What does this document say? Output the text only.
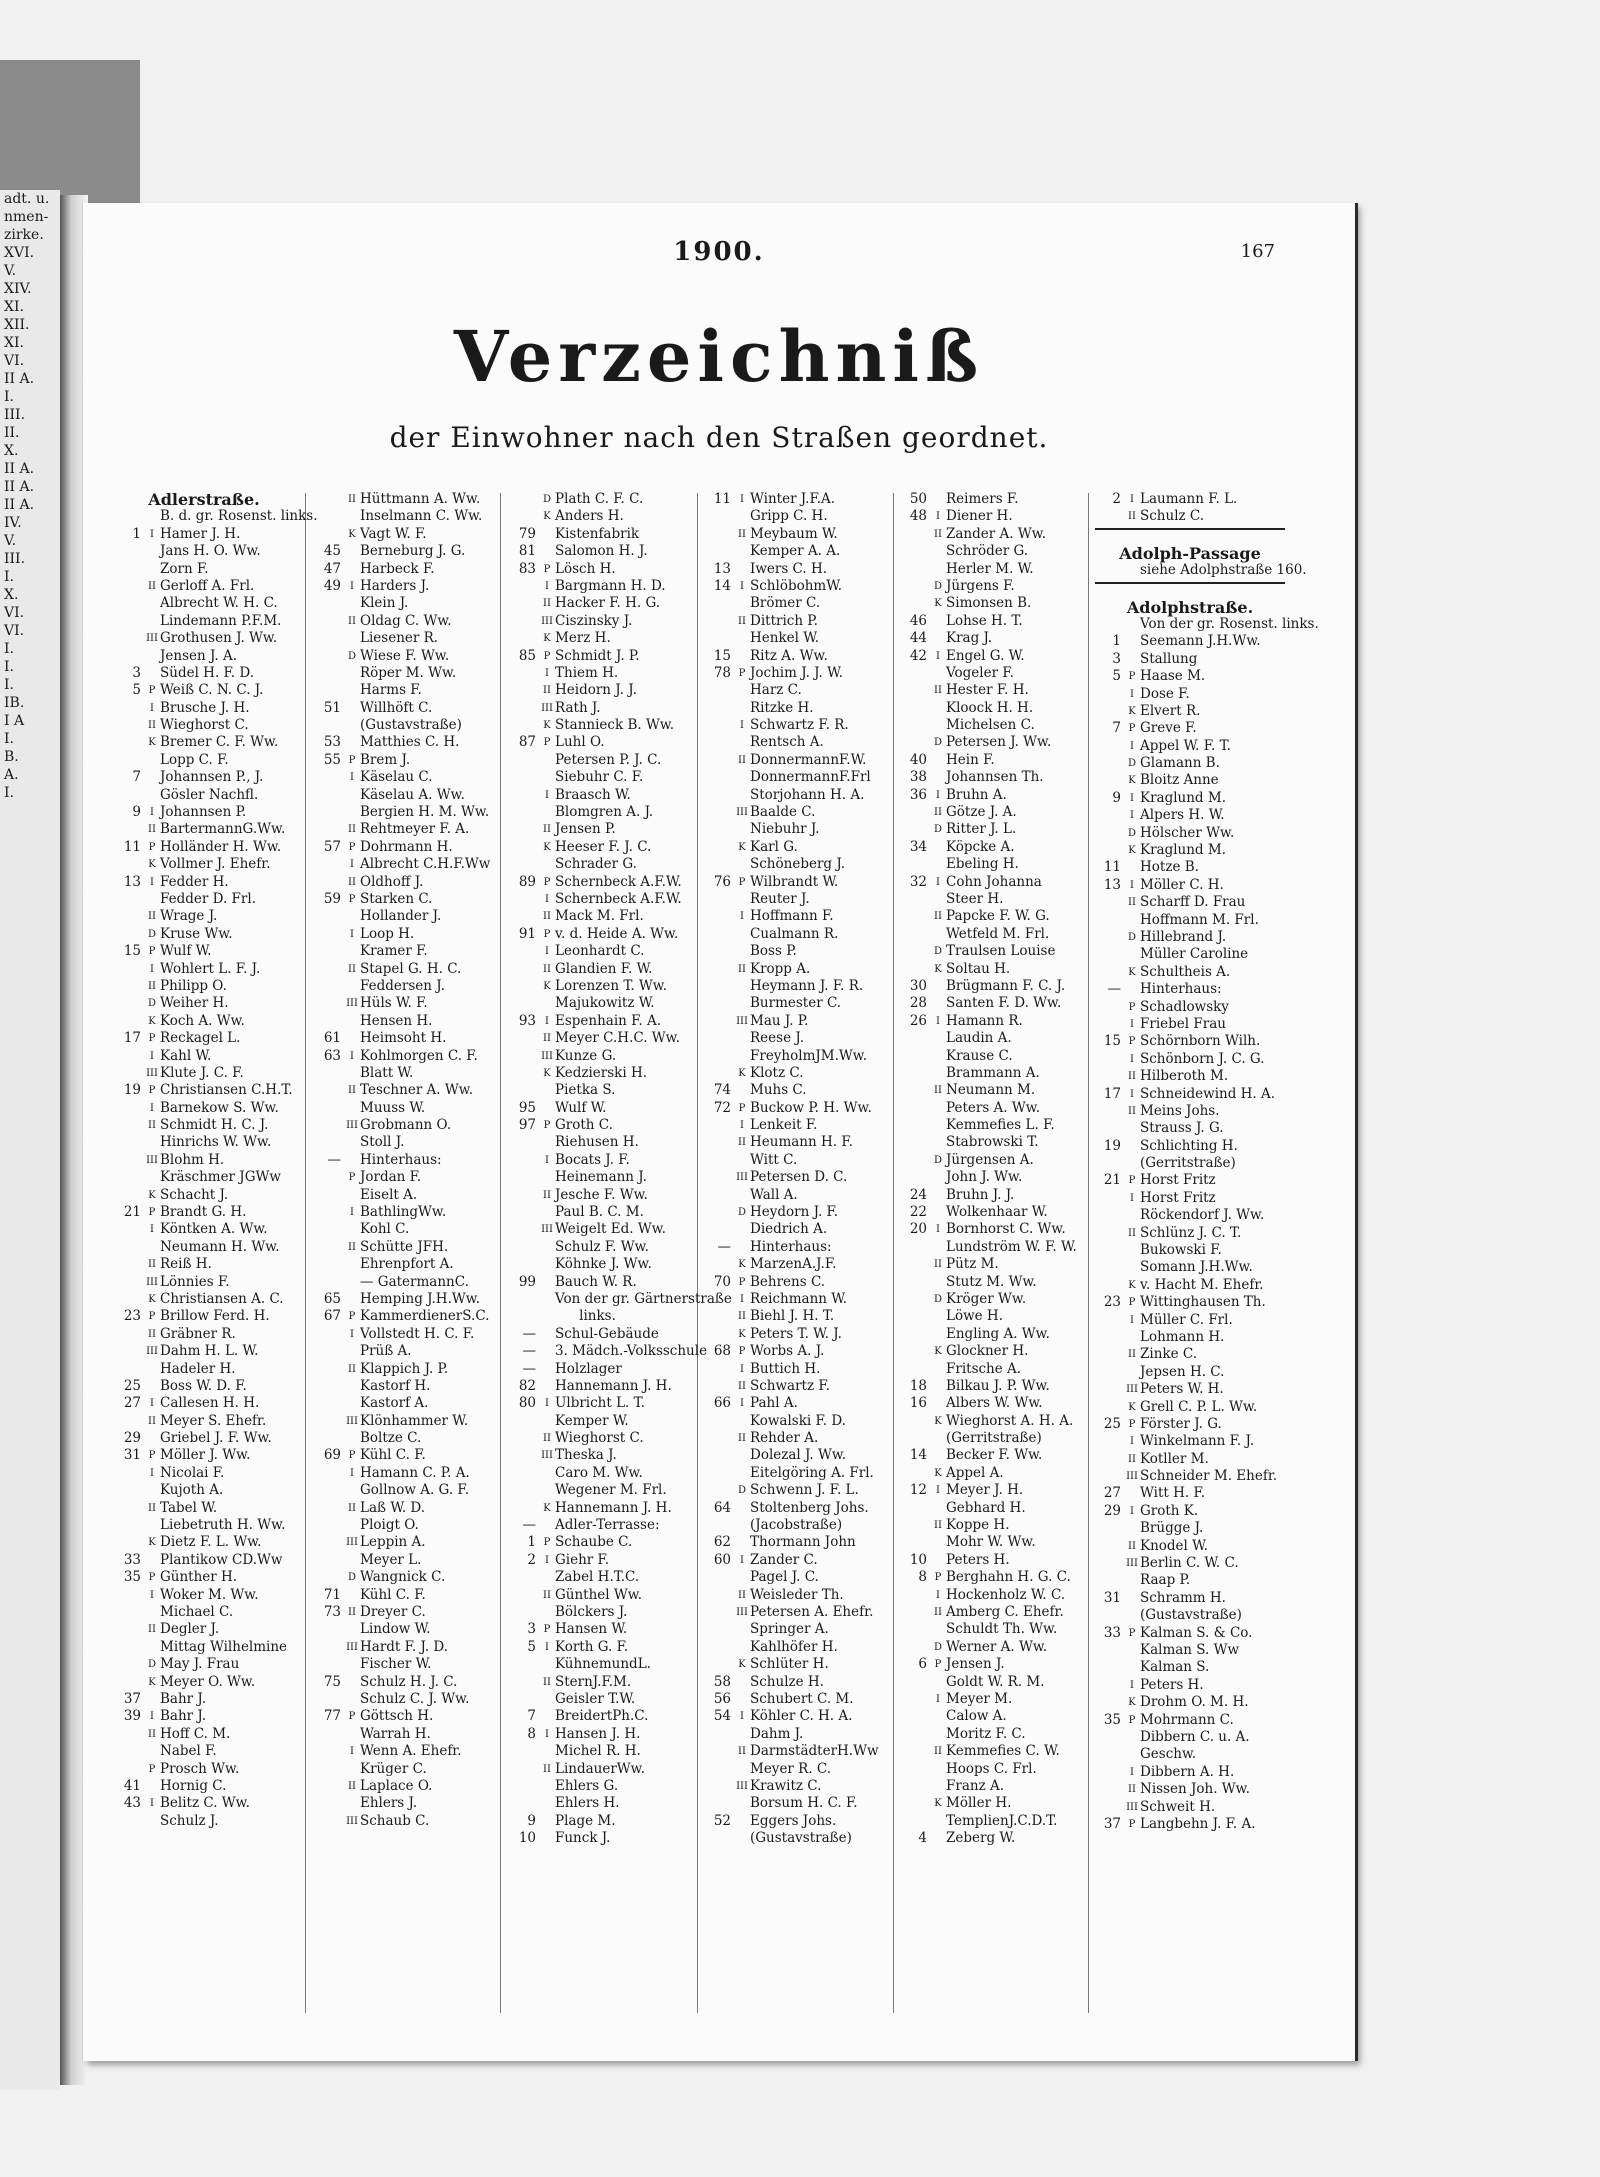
adt. u.
nmen-
zirke.
XVI.
V.
XIV.
XI.
XII.
XI.
VI.
II A.
I.
III.
II.
X.
II A.
II A.
II A.
IV.
V.
III.
I.
X.
VI.
VI.
I.
I.
I.
IB.
I A
I.
B.
A.
I.
1900.	167
Verzeichniß
der Einwohner nach den Straßen geordnet.
Adlerstraße.
B. d. gr. Rosenst. links.
1 I Hamer J. H.
Jans H. O. Ww.
Zorn F.
II Gerloff A. Frl.
Albrecht W. H. C.
Lindemann P.F.M.
III Grothusen J. Ww.
Jensen J. A.
3 Südel H. F. D.
5 P Weiß C. N. C. J.
I Brusche J. H.
II Wieghorst C.
K Bremer C. F. Ww.
Lopp C. F.
7 Johannsen P., J.
Gösler Nachfl.
9 I Johannsen P.
II BartermannG.Ww.
11 P Holländer H. Ww.
K Vollmer J. Ehefr.
13 I Fedder H.
Fedder D. Frl.
II Wrage J.
D Kruse Ww.
15 P Wulf W.
I Wohlert L. F. J.
II Philipp O.
D Weiher H.
K Koch A. Ww.
17 P Reckagel L.
I Kahl W.
III Klute J. C. F.
19 P Christiansen C.H.T.
I Barnekow S. Ww.
II Schmidt H. C. J.
Hinrichs W. Ww.
III Blohm H.
Kräschmer JGWw
K Schacht J.
21 P Brandt G. H.
I Köntken A. Ww.
Neumann H. Ww.
II Reiß H.
III Lönnies F.
K Christiansen A. C.
23 P Brillow Ferd. H.
II Gräbner R.
III Dahm H. L. W.
Hadeler H.
25 Boss W. D. F.
27 I Callesen H. H.
II Meyer S. Ehefr.
29 Griebel J. F. Ww.
31 P Möller J. Ww.
I Nicolai F.
Kujoth A.
II Tabel W.
Liebetruth H. Ww.
K Dietz F. L. Ww.
33 Plantikow CD.Ww
35 P Günther H.
I Woker M. Ww.
Michael C.
II Degler J.
Mittag Wilhelmine
D May J. Frau
K Meyer O. Ww.
37 Bahr J.
39 I Bahr J.
II Hoff C. M.
Nabel F.
P Prosch Ww.
41 Hornig C.
43 I Belitz C. Ww.
Schulz J.
II Hüttmann A. Ww.
Inselmann C. Ww.
K Vagt W. F.
45 Berneburg J. G.
47 Harbeck F.
49 I Harders J.
Klein J.
II Oldag C. Ww.
Liesener R.
D Wiese F. Ww.
Röper M. Ww.
Harms F.
51 Willhöft C.
(Gustavstraße)
53 Matthies C. H.
55 P Brem J.
I Käselau C.
Käselau A. Ww.
Bergien H. M. Ww.
II Rehtmeyer F. A.
57 P Dohrmann H.
I Albrecht C.H.F.Ww
II Oldhoff J.
59 P Starken C.
Hollander J.
I Loop H.
Kramer F.
II Stapel G. H. C.
Feddersen J.
III Hüls W. F.
Hensen H.
61 Heimsoht H.
63 I Kohlmorgen C. F.
Blatt W.
II Teschner A. Ww.
Muuss W.
III Grobmann O.
Stoll J.
— Hinterhaus:
P Jordan F.
Eiselt A.
I BathlingWw.
Kohl C.
II Schütte JFH.
Ehrenpfort A.
— GatermannC.
65 Hemping J.H.Ww.
67 P KammerdienerS.C.
I Vollstedt H. C. F.
Prüß A.
II Klappich J. P.
Kastorf H.
Kastorf A.
III Klönhammer W.
Boltze C.
69 P Kühl C. F.
I Hamann C. P. A.
Gollnow A. G. F.
II Laß W. D.
Ploigt O.
III Leppin A.
Meyer L.
D Wangnick C.
71 Kühl C. F.
73 II Dreyer C.
Lindow W.
III Hardt F. J. D.
Fischer W.
75 Schulz H. J. C.
Schulz C. J. Ww.
77 P Göttsch H.
Warrah H.
I Wenn A. Ehefr.
Krüger C.
II Laplace O.
Ehlers J.
III Schaub C.
D Plath C. F. C.
K Anders H.
79 Kistenfabrik
81 Salomon H. J.
83 P Lösch H.
I Bargmann H. D.
II Hacker F. H. G.
III Ciszinsky J.
K Merz H.
85 P Schmidt J. P.
I Thiem H.
II Heidorn J. J.
III Rath J.
K Stannieck B. Ww.
87 P Luhl O.
Petersen P. J. C.
Siebuhr C. F.
I Braasch W.
Blomgren A. J.
II Jensen P.
K Heeser F. J. C.
Schrader G.
89 P Schernbeck A.F.W.
I Schernbeck A.F.W.
II Mack M. Frl.
91 P v. d. Heide A. Ww.
I Leonhardt C.
II Glandien F. W.
K Lorenzen T. Ww.
Majukowitz W.
93 I Espenhain F. A.
II Meyer C.H.C. Ww.
III Kunze G.
K Kedzierski H.
Pietka S.
95 Wulf W.
97 P Groth C.
Riehusen H.
I Bocats J. F.
Heinemann J.
II Jesche F. Ww.
Paul B. C. M.
III Weigelt Ed. Ww.
Schulz F. Ww.
Köhnke J. Ww.
99 Bauch W. R.
Von der gr. Gärtnerstraße
links.
— Schul-Gebäude
— 3. Mädch.-Volksschule
— Holzlager
82 Hannemann J. H.
80 I Ulbricht L. T.
Kemper W.
II Wieghorst C.
III Theska J.
Caro M. Ww.
Wegener M. Frl.
K Hannemann J. H.
— Adler-Terrasse:
1 P Schaube C.
2 I Giehr F.
Zabel H.T.C.
II Günthel Ww.
Bölckers J.
3 P Hansen W.
5 I Korth G. F.
KühnemundL.
II SternJ.F.M.
Geisler T.W.
7 BreidertPh.C.
8 I Hansen J. H.
Michel R. H.
II LindauerWw.
Ehlers G.
Ehlers H.
9 Plage M.
10 Funck J.
11 I Winter J.F.A.
Gripp C. H.
II Meybaum W.
Kemper A. A.
13 Iwers C. H.
14 I SchlöbohmW.
Brömer C.
II Dittrich P.
Henkel W.
15 Ritz A. Ww.
78 P Jochim J. J. W.
Harz C.
Ritzke H.
I Schwartz F. R.
Rentsch A.
II DonnermannF.W.
DonnermannF.Frl
Storjohann H. A.
III Baalde C.
Niebuhr J.
K Karl G.
Schöneberg J.
76 P Wilbrandt W.
Reuter J.
I Hoffmann F.
Cualmann R.
Boss P.
II Kropp A.
Heymann J. F. R.
Burmester C.
III Mau J. P.
Reese J.
FreyholmJM.Ww.
K Klotz C.
74 Muhs C.
72 P Buckow P. H. Ww.
I Lenkeit F.
II Heumann H. F.
Witt C.
III Petersen D. C.
Wall A.
D Heydorn J. F.
Diedrich A.
— Hinterhaus:
K MarzenA.J.F.
70 P Behrens C.
I Reichmann W.
II Biehl J. H. T.
K Peters T. W. J.
68 P Worbs A. J.
I Buttich H.
II Schwartz F.
66 I Pahl A.
Kowalski F. D.
II Rehder A.
Dolezal J. Ww.
Eitelgöring A. Frl.
D Schwenn J. F. L.
64 Stoltenberg Johs.
(Jacobstraße)
62 Thormann John
60 I Zander C.
Pagel J. C.
II Weisleder Th.
III Petersen A. Ehefr.
Springer A.
Kahlhöfer H.
K Schlüter H.
58 Schulze H.
56 Schubert C. M.
54 I Köhler C. H. A.
Dahm J.
II DarmstädterH.Ww
Meyer R. C.
III Krawitz C.
Borsum H. C. F.
52 Eggers Johs.
(Gustavstraße)
50 Reimers F.
48 I Diener H.
II Zander A. Ww.
Schröder G.
Herler M. W.
D Jürgens F.
K Simonsen B.
46 Lohse H. T.
44 Krag J.
42 I Engel G. W.
Vogeler F.
II Hester F. H.
Kloock H. H.
Michelsen C.
D Petersen J. Ww.
40 Hein F.
38 Johannsen Th.
36 I Bruhn A.
II Götze J. A.
D Ritter J. L.
34 Köpcke A.
Ebeling H.
32 I Cohn Johanna
Steer H.
II Papcke F. W. G.
Wetfeld M. Frl.
D Traulsen Louise
K Soltau H.
30 Brügmann F. C. J.
28 Santen F. D. Ww.
26 I Hamann R.
Laudin A.
Krause C.
Brammann A.
II Neumann M.
Peters A. Ww.
Kemmefies L. F.
Stabrowski T.
D Jürgensen A.
John J. Ww.
24 Bruhn J. J.
22 Wolkenhaar W.
20 I Bornhorst C. Ww.
Lundström W. F. W.
II Pütz M.
Stutz M. Ww.
D Kröger Ww.
Löwe H.
Engling A. Ww.
K Glockner H.
Fritsche A.
18 Bilkau J. P. Ww.
16 Albers W. Ww.
K Wieghorst A. H. A.
(Gerritstraße)
14 Becker F. Ww.
K Appel A.
12 I Meyer J. H.
Gebhard H.
II Koppe H.
Mohr W. Ww.
10 Peters H.
8 P Berghahn H. G. C.
I Hockenholz W. C.
II Amberg C. Ehefr.
Schuldt Th. Ww.
D Werner A. Ww.
6 P Jensen J.
Goldt W. R. M.
I Meyer M.
Calow A.
Moritz F. C.
II Kemmefies C. W.
Hoops C. Frl.
Franz A.
K Möller H.
TemplienJ.C.D.T.
4 Zeberg W.
2 I Laumann F. L.
II Schulz C.
Adolph-Passage
siehe Adolphstraße 160.
Adolphstraße.
Von der gr. Rosenst. links.
1 Seemann J.H.Ww.
3 Stallung
5 P Haase M.
I Dose F.
K Elvert R.
7 P Greve F.
I Appel W. F. T.
D Glamann B.
K Bloitz Anne
9 I Kraglund M.
I Alpers H. W.
D Hölscher Ww.
K Kraglund M.
11 Hotze B.
13 I Möller C. H.
II Scharff D. Frau
Hoffmann M. Frl.
D Hillebrand J.
Müller Caroline
K Schultheis A.
— Hinterhaus:
P Schadlowsky
I Friebel Frau
15 P Schörnborn Wilh.
I Schönborn J. C. G.
II Hilberoth M.
17 I Schneidewind H. A.
II Meins Johs.
Strauss J. G.
19 Schlichting H.
(Gerritstraße)
21 P Horst Fritz
I Horst Fritz
Röckendorf J. Ww.
II Schlünz J. C. T.
Bukowski F.
Somann J.H.Ww.
K v. Hacht M. Ehefr.
23 P Wittinghausen Th.
I Müller C. Frl.
Lohmann H.
II Zinke C.
Jepsen H. C.
III Peters W. H.
K Grell C. P. L. Ww.
25 P Förster J. G.
I Winkelmann F. J.
II Kotller M.
III Schneider M. Ehefr.
27 Witt H. F.
29 I Groth K.
Brügge J.
II Knodel W.
III Berlin C. W. C.
Raap P.
31 Schramm H.
(Gustavstraße)
33 P Kalman S. & Co.
Kalman S. Ww
Kalman S.
I Peters H.
K Drohm O. M. H.
35 P Mohrmann C.
Dibbern C. u. A.
Geschw.
I Dibbern A. H.
II Nissen Joh. Ww.
III Schweit H.
37 P Langbehn J. F. A.
